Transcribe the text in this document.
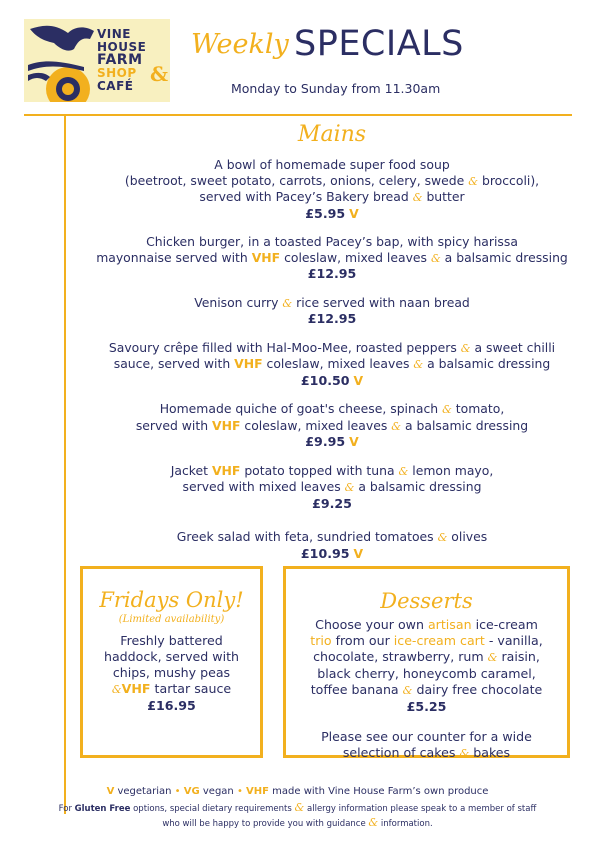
VINE
HOUSE
FARM
SHOP
CAFÉ &
Weekly SPECIALS
Monday to Sunday from 11.30am
Mains
A bowl of homemade super food soup
(beetroot, sweet potato, carrots, onions, celery, swede & broccoli),
served with Pacey’s Bakery bread & butter
£5.95 V
Chicken burger, in a toasted Pacey’s bap, with spicy harissa
mayonnaise served with VHF coleslaw, mixed leaves & a balsamic dressing
£12.95
Venison curry & rice served with naan bread
£12.95
Savoury crêpe filled with Hal-Moo-Mee, roasted peppers & a sweet chilli
sauce, served with VHF coleslaw, mixed leaves & a balsamic dressing
£10.50 V
Homemade quiche of goat's cheese, spinach & tomato,
served with VHF coleslaw, mixed leaves & a balsamic dressing
£9.95 V
Jacket VHF potato topped with tuna & lemon mayo,
served with mixed leaves & a balsamic dressing
£9.25
Greek salad with feta, sundried tomatoes & olives
£10.95 V
Fridays Only!
(Limited availability)
Freshly battered
haddock, served with
chips, mushy peas
&VHF tartar sauce
£16.95
Desserts
Choose your own artisan ice-cream
trio from our ice-cream cart - vanilla,
chocolate, strawberry, rum & raisin,
black cherry, honeycomb caramel,
toffee banana & dairy free chocolate
£5.25
Please see our counter for a wide
selection of cakes & bakes
V vegetarian • VG vegan • VHF made with Vine House Farm’s own produce
For Gluten Free options, special dietary requirements & allergy information please speak to a member of staff
who will be happy to provide you with guidance & information.
